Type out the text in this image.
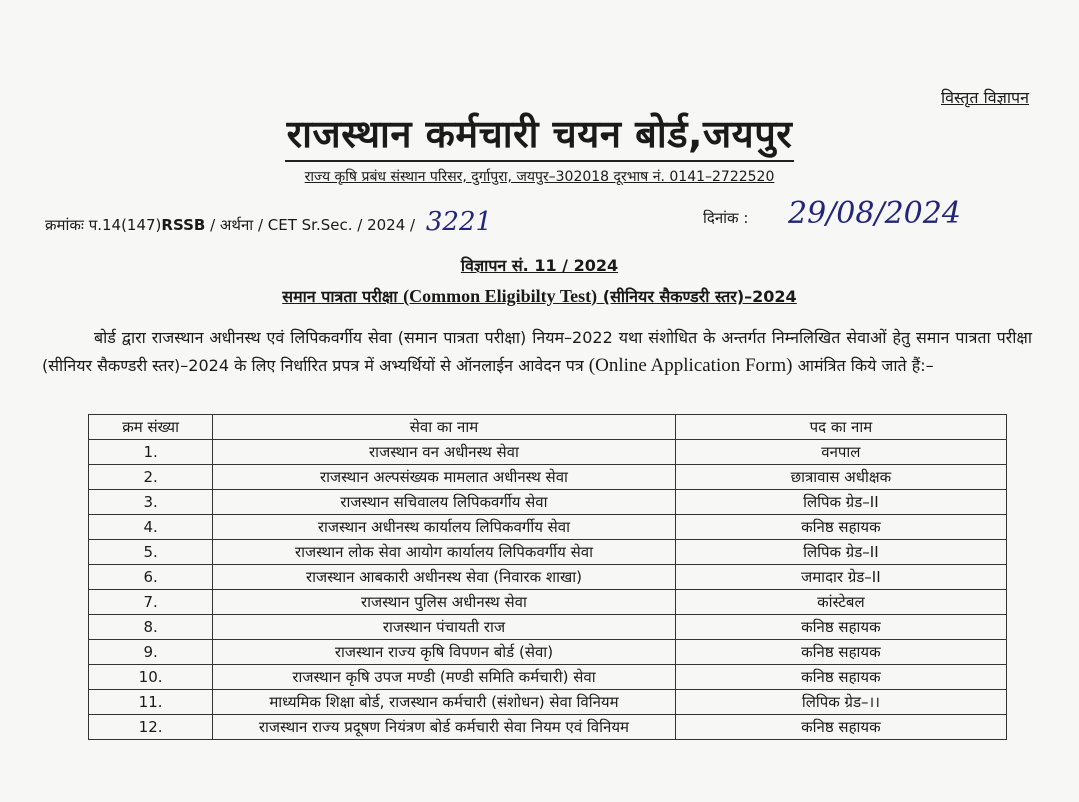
विस्तृत विज्ञापन
राजस्थान कर्मचारी चयन बोर्ड,जयपुर
राज्य कृषि प्रबंध संस्थान परिसर, दुर्गापुरा, जयपुर–302018 दूरभाष नं. 0141–2722520
क्रमांकः प.14(147)RSSB / अर्थना / CET Sr.Sec. / 2024 / 3221	दिनांक : 29/08/2024
विज्ञापन सं. 11 / 2024
समान पात्रता परीक्षा (Common Eligibilty Test) (सीनियर सैकण्डरी स्तर)–2024
बोर्ड द्वारा राजस्थान अधीनस्थ एवं लिपिकवर्गीय सेवा (समान पात्रता परीक्षा) नियम–2022 यथा संशोधित के अन्तर्गत निम्नलिखित सेवाओं हेतु समान पात्रता परीक्षा (सीनियर सैकण्डरी स्तर)–2024 के लिए निर्धारित प्रपत्र में अभ्यर्थियों से ऑनलाईन आवेदन पत्र (Online Application Form) आमंत्रित किये जाते हैं:–
क्रम संख्या	सेवा का नाम	पद का नाम
1.	राजस्थान वन अधीनस्थ सेवा	वनपाल
2.	राजस्थान अल्पसंख्यक मामलात अधीनस्थ सेवा	छात्रावास अधीक्षक
3.	राजस्थान सचिवालय लिपिकवर्गीय सेवा	लिपिक ग्रेड–II
4.	राजस्थान अधीनस्थ कार्यालय लिपिकवर्गीय सेवा	कनिष्ठ सहायक
5.	राजस्थान लोक सेवा आयोग कार्यालय लिपिकवर्गीय सेवा	लिपिक ग्रेड–II
6.	राजस्थान आबकारी अधीनस्थ सेवा (निवारक शाखा)	जमादार ग्रेड–II
7.	राजस्थान पुलिस अधीनस्थ सेवा	कांस्टेबल
8.	राजस्थान पंचायती राज	कनिष्ठ सहायक
9.	राजस्थान राज्य कृषि विपणन बोर्ड (सेवा)	कनिष्ठ सहायक
10.	राजस्थान कृषि उपज मण्डी (मण्डी समिति कर्मचारी) सेवा	कनिष्ठ सहायक
11.	माध्यमिक शिक्षा बोर्ड, राजस्थान कर्मचारी (संशोधन) सेवा विनियम	लिपिक ग्रेड–।।
12.	राजस्थान राज्य प्रदूषण नियंत्रण बोर्ड कर्मचारी सेवा नियम एवं विनियम	कनिष्ठ सहायक
